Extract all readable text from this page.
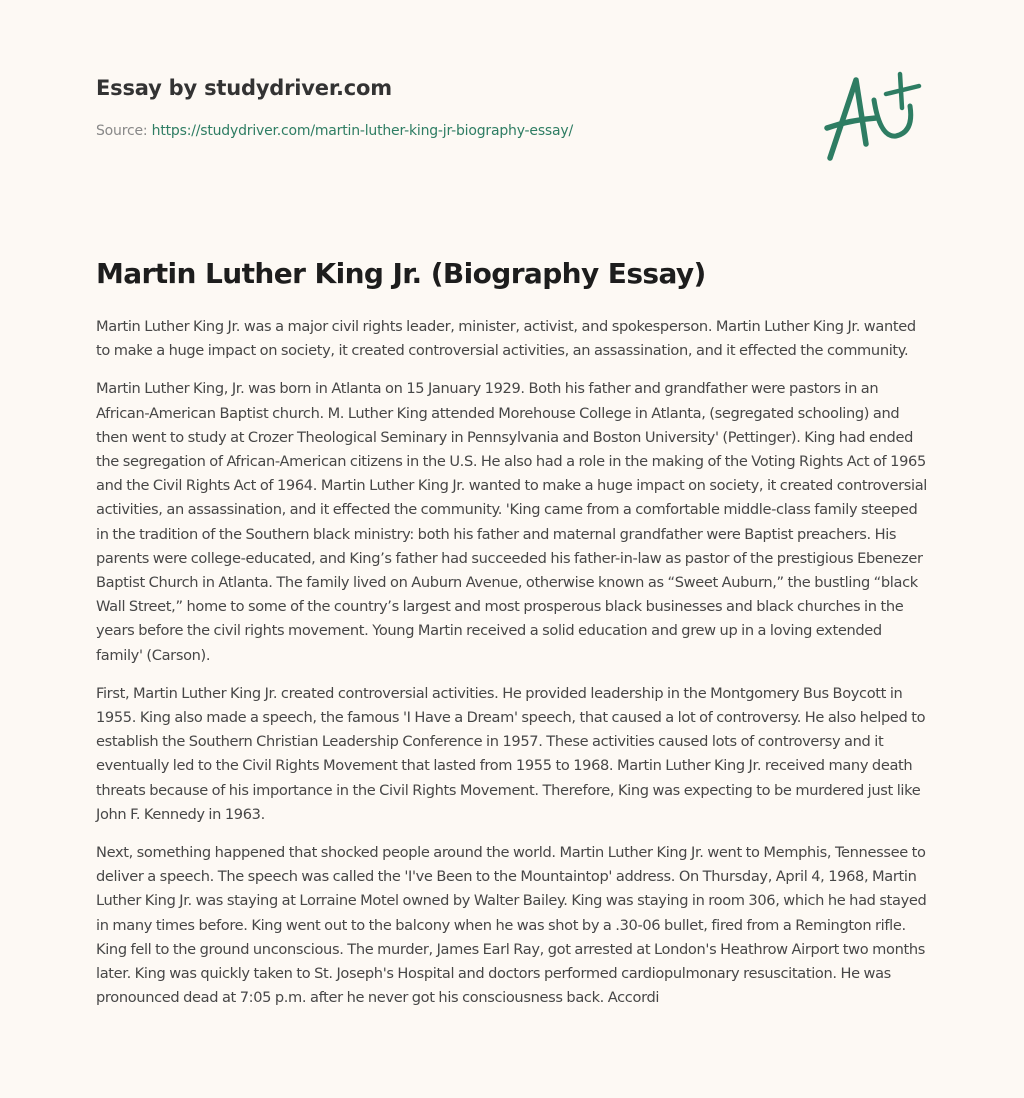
Essay by studydriver.com
Source: https://studydriver.com/martin-luther-king-jr-biography-essay/
Martin Luther King Jr. (Biography Essay)

Martin Luther King Jr. was a major civil rights leader, minister, activist, and spokesperson. Martin Luther King Jr. wanted to make a huge impact on society, it created controversial activities, an assassination, and it effected the community.

Martin Luther King, Jr. was born in Atlanta on 15 January 1929. Both his father and grandfather were pastors in an African-American Baptist church. M. Luther King attended Morehouse College in Atlanta, (segregated schooling) and then went to study at Crozer Theological Seminary in Pennsylvania and Boston University' (Pettinger). King had ended the segregation of African-American citizens in the U.S. He also had a role in the making of the Voting Rights Act of 1965 and the Civil Rights Act of 1964. Martin Luther King Jr. wanted to make a huge impact on society, it created controversial activities, an assassination, and it effected the community. 'King came from a comfortable middle-class family steeped in the tradition of the Southern black ministry: both his father and maternal grandfather were Baptist preachers. His parents were college-educated, and King’s father had succeeded his father-in-law as pastor of the prestigious Ebenezer Baptist Church in Atlanta. The family lived on Auburn Avenue, otherwise known as “Sweet Auburn,” the bustling “black Wall Street,” home to some of the country’s largest and most prosperous black businesses and black churches in the years before the civil rights movement. Young Martin received a solid education and grew up in a loving extended family' (Carson).

First, Martin Luther King Jr. created controversial activities. He provided leadership in the Montgomery Bus Boycott in 1955. King also made a speech, the famous 'I Have a Dream' speech, that caused a lot of controversy. He also helped to establish the Southern Christian Leadership Conference in 1957. These activities caused lots of controversy and it eventually led to the Civil Rights Movement that lasted from 1955 to 1968. Martin Luther King Jr. received many death threats because of his importance in the Civil Rights Movement. Therefore, King was expecting to be murdered just like John F. Kennedy in 1963.

Next, something happened that shocked people around the world. Martin Luther King Jr. went to Memphis, Tennessee to deliver a speech. The speech was called the 'I've Been to the Mountaintop' address. On Thursday, April 4, 1968, Martin Luther King Jr. was staying at Lorraine Motel owned by Walter Bailey. King was staying in room 306, which he had stayed in many times before. King went out to the balcony when he was shot by a .30-06 bullet, fired from a Remington rifle. King fell to the ground unconscious. The murder, James Earl Ray, got arrested at London's Heathrow Airport two months later. King was quickly taken to St. Joseph's Hospital and doctors performed cardiopulmonary resuscitation. He was pronounced dead at 7:05 p.m. after he never got his consciousness back. Accordi
